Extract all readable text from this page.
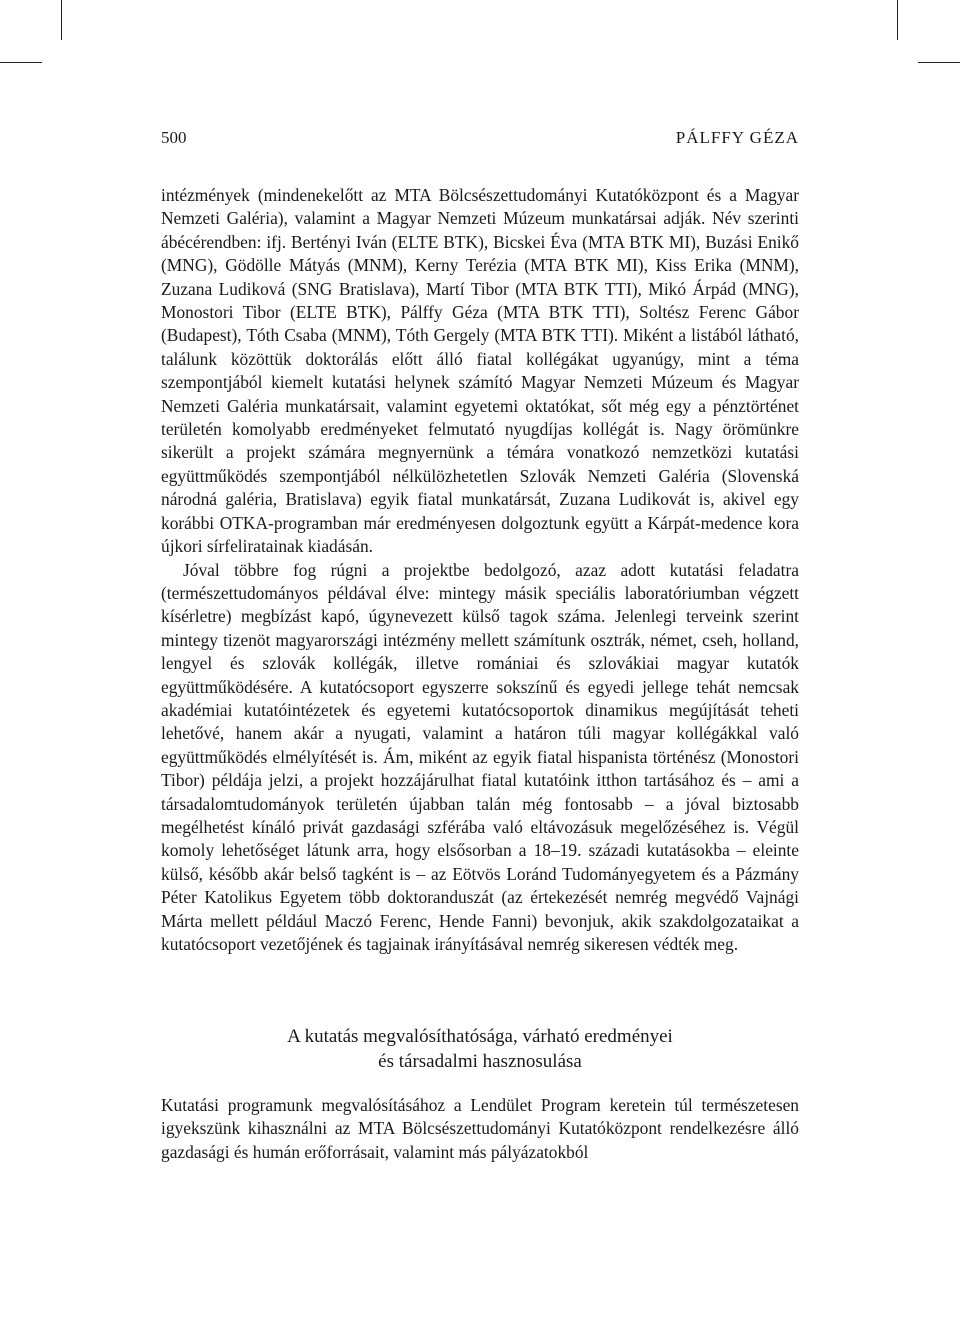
500	PÁLFFY GÉZA

intézmények (mindenekelőtt az MTA Bölcsészettudományi Kutatóközpont és a Magyar Nemzeti Galéria), valamint a Magyar Nemzeti Múzeum munkatársai adják. Név szerinti ábécérendben: ifj. Bertényi Iván (ELTE BTK), Bicskei Éva (MTA BTK MI), Buzási Enikő (MNG), Gödölle Mátyás (MNM), Kerny Terézia (MTA BTK MI), Kiss Erika (MNM), Zuzana Ludiková (SNG Bratislava), Martí Tibor (MTA BTK TTI), Mikó Árpád (MNG), Monostori Tibor (ELTE BTK), Pálffy Géza (MTA BTK TTI), Soltész Ferenc Gábor (Budapest), Tóth Csaba (MNM), Tóth Gergely (MTA BTK TTI). Miként a listából látható, találunk közöttük doktorálás előtt álló fiatal kollégákat ugyanúgy, mint a téma szempontjából kiemelt kutatási helynek számító Magyar Nemzeti Múzeum és Magyar Nemzeti Galéria munkatársait, valamint egyetemi oktatókat, sőt még egy a pénztörténet területén komolyabb eredményeket felmutató nyugdíjas kollégát is. Nagy örömünkre sikerült a projekt számára megnyernünk a témára vonatkozó nemzetközi kutatási együttműködés szempontjából nélkülözhetetlen Szlovák Nemzeti Galéria (Slovenská národná galéria, Bratislava) egyik fiatal munkatársát, Zuzana Ludikovát is, akivel egy korábbi OTKA-programban már eredményesen dolgoztunk együtt a Kárpát-medence kora újkori sírfeliratainak kiadásán.

Jóval többre fog rúgni a projektbe bedolgozó, azaz adott kutatási feladatra (természettudományos példával élve: mintegy másik speciális laboratóriumban végzett kísérletre) megbízást kapó, úgynevezett külső tagok száma. Jelenlegi terveink szerint mintegy tizenöt magyarországi intézmény mellett számítunk osztrák, német, cseh, holland, lengyel és szlovák kollégák, illetve romániai és szlovákiai magyar kutatók együttműködésére. A kutatócsoport egyszerre sokszínű és egyedi jellege tehát nemcsak akadémiai kutatóintézetek és egyetemi kutatócsoportok dinamikus megújítását teheti lehetővé, hanem akár a nyugati, valamint a határon túli magyar kollégákkal való együttműködés elmélyítését is. Ám, miként az egyik fiatal hispanista történész (Monostori Tibor) példája jelzi, a projekt hozzájárulhat fiatal kutatóink itthon tartásához és – ami a társadalomtudományok területén újabban talán még fontosabb – a jóval biztosabb megélhetést kínáló privát gazdasági szférába való eltávozásuk megelőzéséhez is. Végül komoly lehetőséget látunk arra, hogy elsősorban a 18–19. századi kutatásokba – eleinte külső, később akár belső tagként is – az Eötvös Loránd Tudományegyetem és a Pázmány Péter Katolikus Egyetem több doktoranduszát (az értekezését nemrég megvédő Vajnági Márta mellett például Maczó Ferenc, Hende Fanni) bevonjuk, akik szakdolgozataikat a kutatócsoport vezetőjének és tagjainak irányításával nemrég sikeresen védték meg.

A kutatás megvalósíthatósága, várható eredményei
és társadalmi hasznosulása

Kutatási programunk megvalósításához a Lendület Program keretein túl természetesen igyekszünk kihasználni az MTA Bölcsészettudományi Kutatóközpont rendelkezésre álló gazdasági és humán erőforrásait, valamint más pályázatokból
